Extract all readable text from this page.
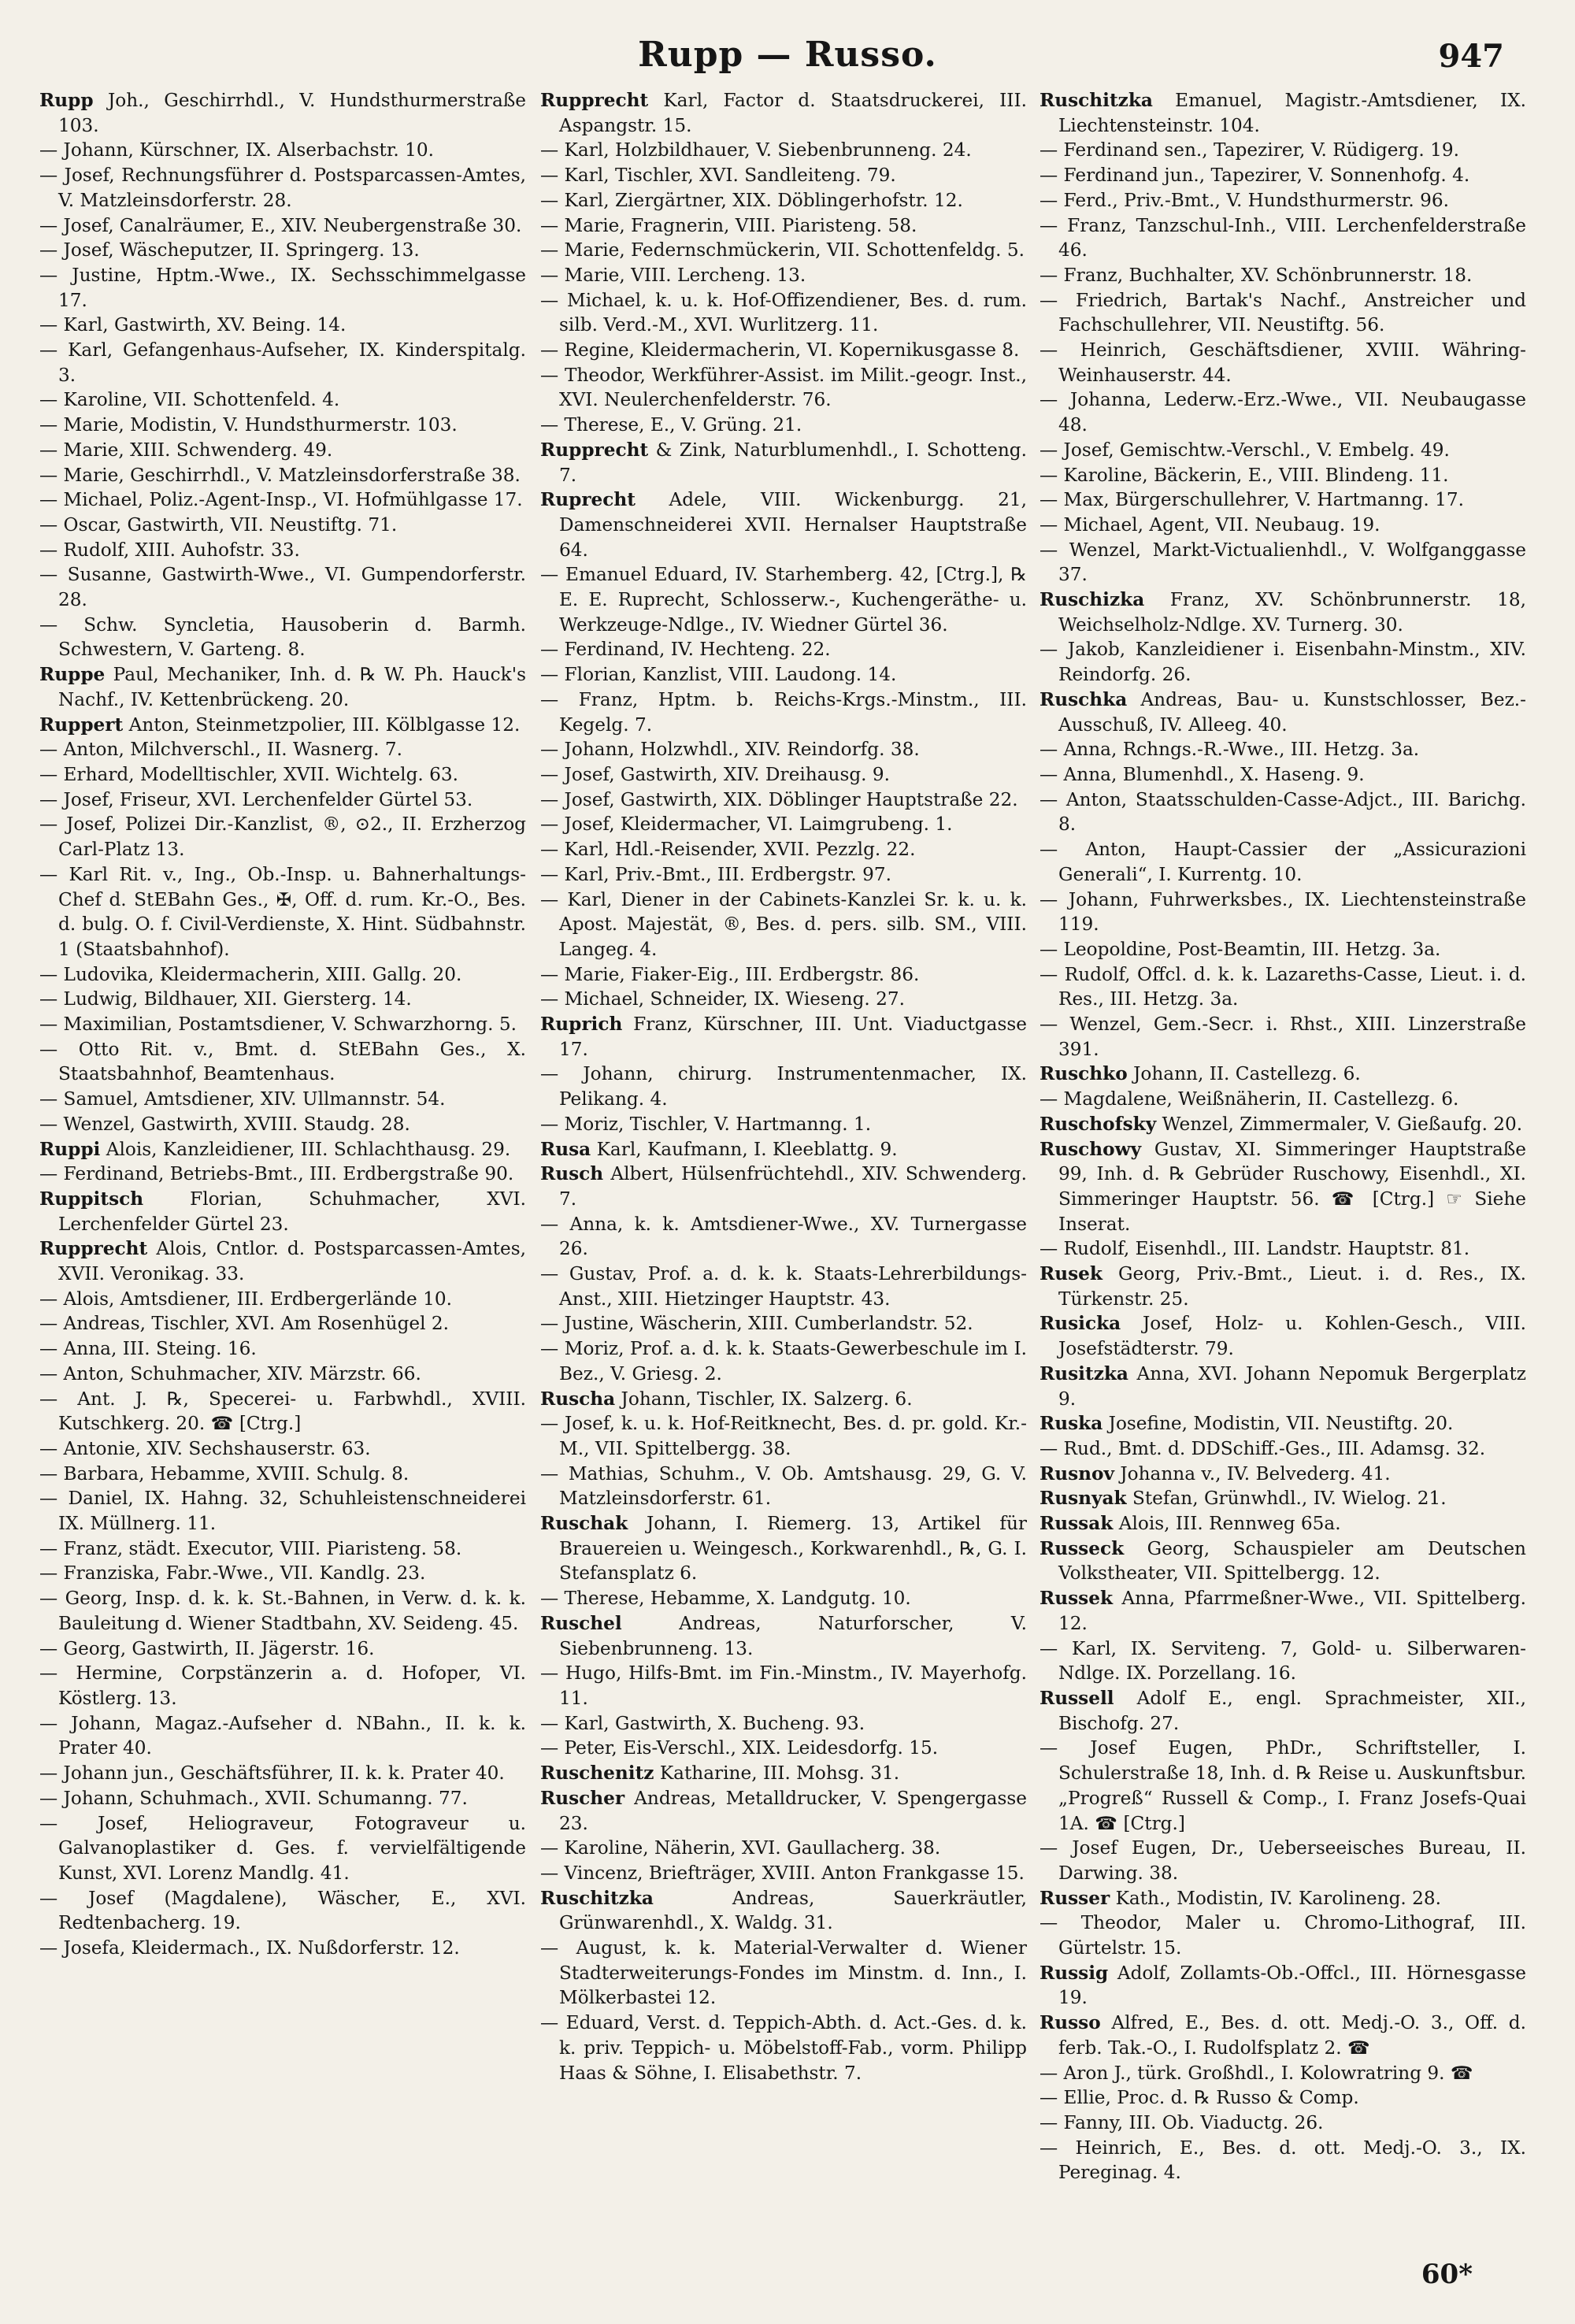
Rupp — Russo.	947

Rupp Joh., Geschirrhdl., V. Hundsthurmerstraße 103.

— Johann, Kürschner, IX. Alserbachstr. 10.

— Josef, Rechnungsführer d. Postsparcassen-Amtes, V. Matzleinsdorferstr. 28.

— Josef, Canalräumer, E., XIV. Neubergenstraße 30.

— Josef, Wäscheputzer, II. Springerg. 13.

— Justine, Hptm.-Wwe., IX. Sechsschimmelgasse 17.

— Karl, Gastwirth, XV. Being. 14.

— Karl, Gefangenhaus-Aufseher, IX. Kinderspitalg. 3.

— Karoline, VII. Schottenfeld. 4.

— Marie, Modistin, V. Hundsthurmerstr. 103.

— Marie, XIII. Schwenderg. 49.

— Marie, Geschirrhdl., V. Matzleinsdorferstraße 38.

— Michael, Poliz.-Agent-Insp., VI. Hofmühlgasse 17.

— Oscar, Gastwirth, VII. Neustiftg. 71.

— Rudolf, XIII. Auhofstr. 33.

— Susanne, Gastwirth-Wwe., VI. Gumpendorferstr. 28.

— Schw. Syncletia, Hausoberin d. Barmh. Schwestern, V. Garteng. 8.

Ruppe Paul, Mechaniker, Inh. d. ℞ W. Ph. Hauck's Nachf., IV. Kettenbrückeng. 20.

Ruppert Anton, Steinmetzpolier, III. Kölblgasse 12.

— Anton, Milchverschl., II. Wasnerg. 7.

— Erhard, Modelltischler, XVII. Wichtelg. 63.

— Josef, Friseur, XVI. Lerchenfelder Gürtel 53.

— Josef, Polizei Dir.-Kanzlist, ®, ⊙2., II. Erzherzog Carl-Platz 13.

— Karl Rit. v., Ing., Ob.-Insp. u. Bahnerhaltungs-Chef d. StEBahn Ges., ✠, Off. d. rum. Kr.-O., Bes. d. bulg. O. f. Civil-Verdienste, X. Hint. Südbahnstr. 1 (Staatsbahnhof).

— Ludovika, Kleidermacherin, XIII. Gallg. 20.

— Ludwig, Bildhauer, XII. Giersterg. 14.

— Maximilian, Postamtsdiener, V. Schwarzhorng. 5.

— Otto Rit. v., Bmt. d. StEBahn Ges., X. Staatsbahnhof, Beamtenhaus.

— Samuel, Amtsdiener, XIV. Ullmannstr. 54.

— Wenzel, Gastwirth, XVIII. Staudg. 28.

Ruppi Alois, Kanzleidiener, III. Schlachthausg. 29.

— Ferdinand, Betriebs-Bmt., III. Erdbergstraße 90.

Ruppitsch Florian, Schuhmacher, XVI. Lerchenfelder Gürtel 23.

Rupprecht Alois, Cntlor. d. Postsparcassen-Amtes, XVII. Veronikag. 33.

— Alois, Amtsdiener, III. Erdbergerlände 10.

— Andreas, Tischler, XVI. Am Rosenhügel 2.

— Anna, III. Steing. 16.

— Anton, Schuhmacher, XIV. Märzstr. 66.

— Ant. J. ℞, Specerei- u. Farbwhdl., XVIII. Kutschkerg. 20. ☎ [Ctrg.]

— Antonie, XIV. Sechshauserstr. 63.

— Barbara, Hebamme, XVIII. Schulg. 8.

— Daniel, IX. Hahng. 32, Schuhleistenschneiderei IX. Müllnerg. 11.

— Franz, städt. Executor, VIII. Piaristeng. 58.

— Franziska, Fabr.-Wwe., VII. Kandlg. 23.

— Georg, Insp. d. k. k. St.-Bahnen, in Verw. d. k. k. Bauleitung d. Wiener Stadtbahn, XV. Seideng. 45.

— Georg, Gastwirth, II. Jägerstr. 16.

— Hermine, Corpstänzerin a. d. Hofoper, VI. Köstlerg. 13.

— Johann, Magaz.-Aufseher d. NBahn., II. k. k. Prater 40.

— Johann jun., Geschäftsführer, II. k. k. Prater 40.

— Johann, Schuhmach., XVII. Schumanng. 77.

— Josef, Heliograveur, Fotograveur u. Galvanoplastiker d. Ges. f. vervielfältigende Kunst, XVI. Lorenz Mandlg. 41.

— Josef (Magdalene), Wäscher, E., XVI. Redtenbacherg. 19.

— Josefa, Kleidermach., IX. Nußdorferstr. 12.

Rupprecht Karl, Factor d. Staatsdruckerei, III. Aspangstr. 15.

— Karl, Holzbildhauer, V. Siebenbrunneng. 24.

— Karl, Tischler, XVI. Sandleiteng. 79.

— Karl, Ziergärtner, XIX. Döblingerhofstr. 12.

— Marie, Fragnerin, VIII. Piaristeng. 58.

— Marie, Federnschmückerin, VII. Schottenfeldg. 5.

— Marie, VIII. Lercheng. 13.

— Michael, k. u. k. Hof-Offizendiener, Bes. d. rum. silb. Verd.-M., XVI. Wurlitzerg. 11.

— Regine, Kleidermacherin, VI. Kopernikusgasse 8.

— Theodor, Werkführer-Assist. im Milit.-geogr. Inst., XVI. Neulerchenfelderstr. 76.

— Therese, E., V. Grüng. 21.

Rupprecht & Zink, Naturblumenhdl., I. Schotteng. 7.

Ruprecht Adele, VIII. Wickenburgg. 21, Damenschneiderei XVII. Hernalser Hauptstraße 64.

— Emanuel Eduard, IV. Starhemberg. 42, [Ctrg.], ℞ E. E. Ruprecht, Schlosserw.-, Kuchengeräthe- u. Werkzeuge-Ndlge., IV. Wiedner Gürtel 36.

— Ferdinand, IV. Hechteng. 22.

— Florian, Kanzlist, VIII. Laudong. 14.

— Franz, Hptm. b. Reichs-Krgs.-Minstm., III. Kegelg. 7.

— Johann, Holzwhdl., XIV. Reindorfg. 38.

— Josef, Gastwirth, XIV. Dreihausg. 9.

— Josef, Gastwirth, XIX. Döblinger Hauptstraße 22.

— Josef, Kleidermacher, VI. Laimgrubeng. 1.

— Karl, Hdl.-Reisender, XVII. Pezzlg. 22.

— Karl, Priv.-Bmt., III. Erdbergstr. 97.

— Karl, Diener in der Cabinets-Kanzlei Sr. k. u. k. Apost. Majestät, ®, Bes. d. pers. silb. SM., VIII. Langeg. 4.

— Marie, Fiaker-Eig., III. Erdbergstr. 86.

— Michael, Schneider, IX. Wieseng. 27.

Ruprich Franz, Kürschner, III. Unt. Viaductgasse 17.

— Johann, chirurg. Instrumentenmacher, IX. Pelikang. 4.

— Moriz, Tischler, V. Hartmanng. 1.

Rusa Karl, Kaufmann, I. Kleeblattg. 9.

Rusch Albert, Hülsenfrüchtehdl., XIV. Schwenderg. 7.

— Anna, k. k. Amtsdiener-Wwe., XV. Turnergasse 26.

— Gustav, Prof. a. d. k. k. Staats-Lehrerbildungs-Anst., XIII. Hietzinger Hauptstr. 43.

— Justine, Wäscherin, XIII. Cumberlandstr. 52.

— Moriz, Prof. a. d. k. k. Staats-Gewerbeschule im I. Bez., V. Griesg. 2.

Ruscha Johann, Tischler, IX. Salzerg. 6.

— Josef, k. u. k. Hof-Reitknecht, Bes. d. pr. gold. Kr.-M., VII. Spittelbergg. 38.

— Mathias, Schuhm., V. Ob. Amtshausg. 29, G. V. Matzleinsdorferstr. 61.

Ruschak Johann, I. Riemerg. 13, Artikel für Brauereien u. Weingesch., Korkwarenhdl., ℞, G. I. Stefansplatz 6.

— Therese, Hebamme, X. Landgutg. 10.

Ruschel Andreas, Naturforscher, V. Siebenbrunneng. 13.

— Hugo, Hilfs-Bmt. im Fin.-Minstm., IV. Mayerhofg. 11.

— Karl, Gastwirth, X. Bucheng. 93.

— Peter, Eis-Verschl., XIX. Leidesdorfg. 15.

Ruschenitz Katharine, III. Mohsg. 31.

Ruscher Andreas, Metalldrucker, V. Spengergasse 23.

— Karoline, Näherin, XVI. Gaullacherg. 38.

— Vincenz, Briefträger, XVIII. Anton Frankgasse 15.

Ruschitzka Andreas, Sauerkräutler, Grünwarenhdl., X. Waldg. 31.

— August, k. k. Material-Verwalter d. Wiener Stadterweiterungs-Fondes im Minstm. d. Inn., I. Mölkerbastei 12.

— Eduard, Verst. d. Teppich-Abth. d. Act.-Ges. d. k. k. priv. Teppich- u. Möbelstoff-Fab., vorm. Philipp Haas & Söhne, I. Elisabethstr. 7.

Ruschitzka Emanuel, Magistr.-Amtsdiener, IX. Liechtensteinstr. 104.

— Ferdinand sen., Tapezirer, V. Rüdigerg. 19.

— Ferdinand jun., Tapezirer, V. Sonnenhofg. 4.

— Ferd., Priv.-Bmt., V. Hundsthurmerstr. 96.

— Franz, Tanzschul-Inh., VIII. Lerchenfelderstraße 46.

— Franz, Buchhalter, XV. Schönbrunnerstr. 18.

— Friedrich, Bartak's Nachf., Anstreicher und Fachschullehrer, VII. Neustiftg. 56.

— Heinrich, Geschäftsdiener, XVIII. Währing-Weinhauserstr. 44.

— Johanna, Lederw.-Erz.-Wwe., VII. Neubaugasse 48.

— Josef, Gemischtw.-Verschl., V. Embelg. 49.

— Karoline, Bäckerin, E., VIII. Blindeng. 11.

— Max, Bürgerschullehrer, V. Hartmanng. 17.

— Michael, Agent, VII. Neubaug. 19.

— Wenzel, Markt-Victualienhdl., V. Wolfganggasse 37.

Ruschizka Franz, XV. Schönbrunnerstr. 18, Weichselholz-Ndlge. XV. Turnerg. 30.

— Jakob, Kanzleidiener i. Eisenbahn-Minstm., XIV. Reindorfg. 26.

Ruschka Andreas, Bau- u. Kunstschlosser, Bez.-Ausschuß, IV. Alleeg. 40.

— Anna, Rchngs.-R.-Wwe., III. Hetzg. 3a.

— Anna, Blumenhdl., X. Haseng. 9.

— Anton, Staatsschulden-Casse-Adjct., III. Barichg. 8.

— Anton, Haupt-Cassier der „Assicurazioni Generali“, I. Kurrentg. 10.

— Johann, Fuhrwerksbes., IX. Liechtensteinstraße 119.

— Leopoldine, Post-Beamtin, III. Hetzg. 3a.

— Rudolf, Offcl. d. k. k. Lazareths-Casse, Lieut. i. d. Res., III. Hetzg. 3a.

— Wenzel, Gem.-Secr. i. Rhst., XIII. Linzerstraße 391.

Ruschko Johann, II. Castellezg. 6.

— Magdalene, Weißnäherin, II. Castellezg. 6.

Ruschofsky Wenzel, Zimmermaler, V. Gießaufg. 20.

Ruschowy Gustav, XI. Simmeringer Hauptstraße 99, Inh. d. ℞ Gebrüder Ruschowy, Eisenhdl., XI. Simmeringer Hauptstr. 56. ☎ [Ctrg.] ☞ Siehe Inserat.

— Rudolf, Eisenhdl., III. Landstr. Hauptstr. 81.

Rusek Georg, Priv.-Bmt., Lieut. i. d. Res., IX. Türkenstr. 25.

Rusicka Josef, Holz- u. Kohlen-Gesch., VIII. Josefstädterstr. 79.

Rusitzka Anna, XVI. Johann Nepomuk Bergerplatz 9.

Ruska Josefine, Modistin, VII. Neustiftg. 20.

— Rud., Bmt. d. DDSchiff.-Ges., III. Adamsg. 32.

Rusnov Johanna v., IV. Belvederg. 41.

Rusnyak Stefan, Grünwhdl., IV. Wielog. 21.

Russak Alois, III. Rennweg 65a.

Russeck Georg, Schauspieler am Deutschen Volkstheater, VII. Spittelbergg. 12.

Russek Anna, Pfarrmeßner-Wwe., VII. Spittelberg. 12.

— Karl, IX. Serviteng. 7, Gold- u. Silberwaren-Ndlge. IX. Porzellang. 16.

Russell Adolf E., engl. Sprachmeister, XII., Bischofg. 27.

— Josef Eugen, PhDr., Schriftsteller, I. Schulerstraße 18, Inh. d. ℞ Reise u. Auskunftsbur. „Progreß“ Russell & Comp., I. Franz Josefs-Quai 1A. ☎ [Ctrg.]

— Josef Eugen, Dr., Ueberseeisches Bureau, II. Darwing. 38.

Russer Kath., Modistin, IV. Karolineng. 28.

— Theodor, Maler u. Chromo-Lithograf, III. Gürtelstr. 15.

Russig Adolf, Zollamts-Ob.-Offcl., III. Hörnesgasse 19.

Russo Alfred, E., Bes. d. ott. Medj.-O. 3., Off. d. ferb. Tak.-O., I. Rudolfsplatz 2. ☎

— Aron J., türk. Großhdl., I. Kolowratring 9. ☎

— Ellie, Proc. d. ℞ Russo & Comp.

— Fanny, III. Ob. Viaductg. 26.

— Heinrich, E., Bes. d. ott. Medj.-O. 3., IX. Pereginag. 4.

60*
